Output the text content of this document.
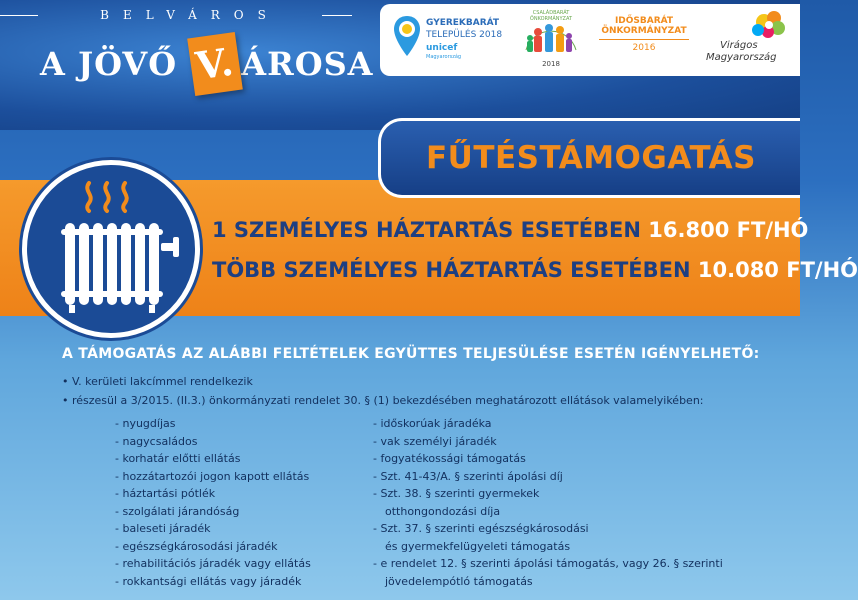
BELVÁROS
A JÖVŐ V. ÁROSA
GYEREKBARÁT
TELEPÜLÉS 2018
unicef
Magyarország
CSALÁDBARÁT ÖNKORMÁNYZAT
2018
IDŐSBARÁT
ÖNKORMÁNYZAT
2016	Virágos
Magyarország
FŰTÉSTÁMOGATÁS
1 SZEMÉLYES HÁZTARTÁS ESETÉBEN 16.800 FT/HÓ
TÖBB SZEMÉLYES HÁZTARTÁS ESETÉBEN 10.080 FT/HÓ
A TÁMOGATÁS AZ ALÁBBI FELTÉTELEK EGYÜTTES TELJESÜLÉSE ESETÉN IGÉNYELHETŐ:
• V. kerületi lakcímmel rendelkezik
• részesül a 3/2015. (II.3.) önkormányzati rendelet 30. § (1) bekezdésében meghatározott ellátások valamelyikében:
- nyugdíjas
- nagycsaládos
- korhatár előtti ellátás
- hozzátartozói jogon kapott ellátás
- háztartási pótlék
- szolgálati járandóság
- baleseti járadék
- egészségkárosodási járadék
- rehabilitációs járadék vagy ellátás
- rokkantsági ellátás vagy járadék
- időskorúak járadéka
- vak személyi járadék
- fogyatékossági támogatás
- Szt. 41-43/A. § szerinti ápolási díj
- Szt. 38. § szerinti gyermekek
otthongondozási díja
- Szt. 37. § szerinti egészségkárosodási
és gyermekfelügyeleti támogatás
- e rendelet 12. § szerinti ápolási támogatás, vagy 26. § szerinti
jövedelempótló támogatás
